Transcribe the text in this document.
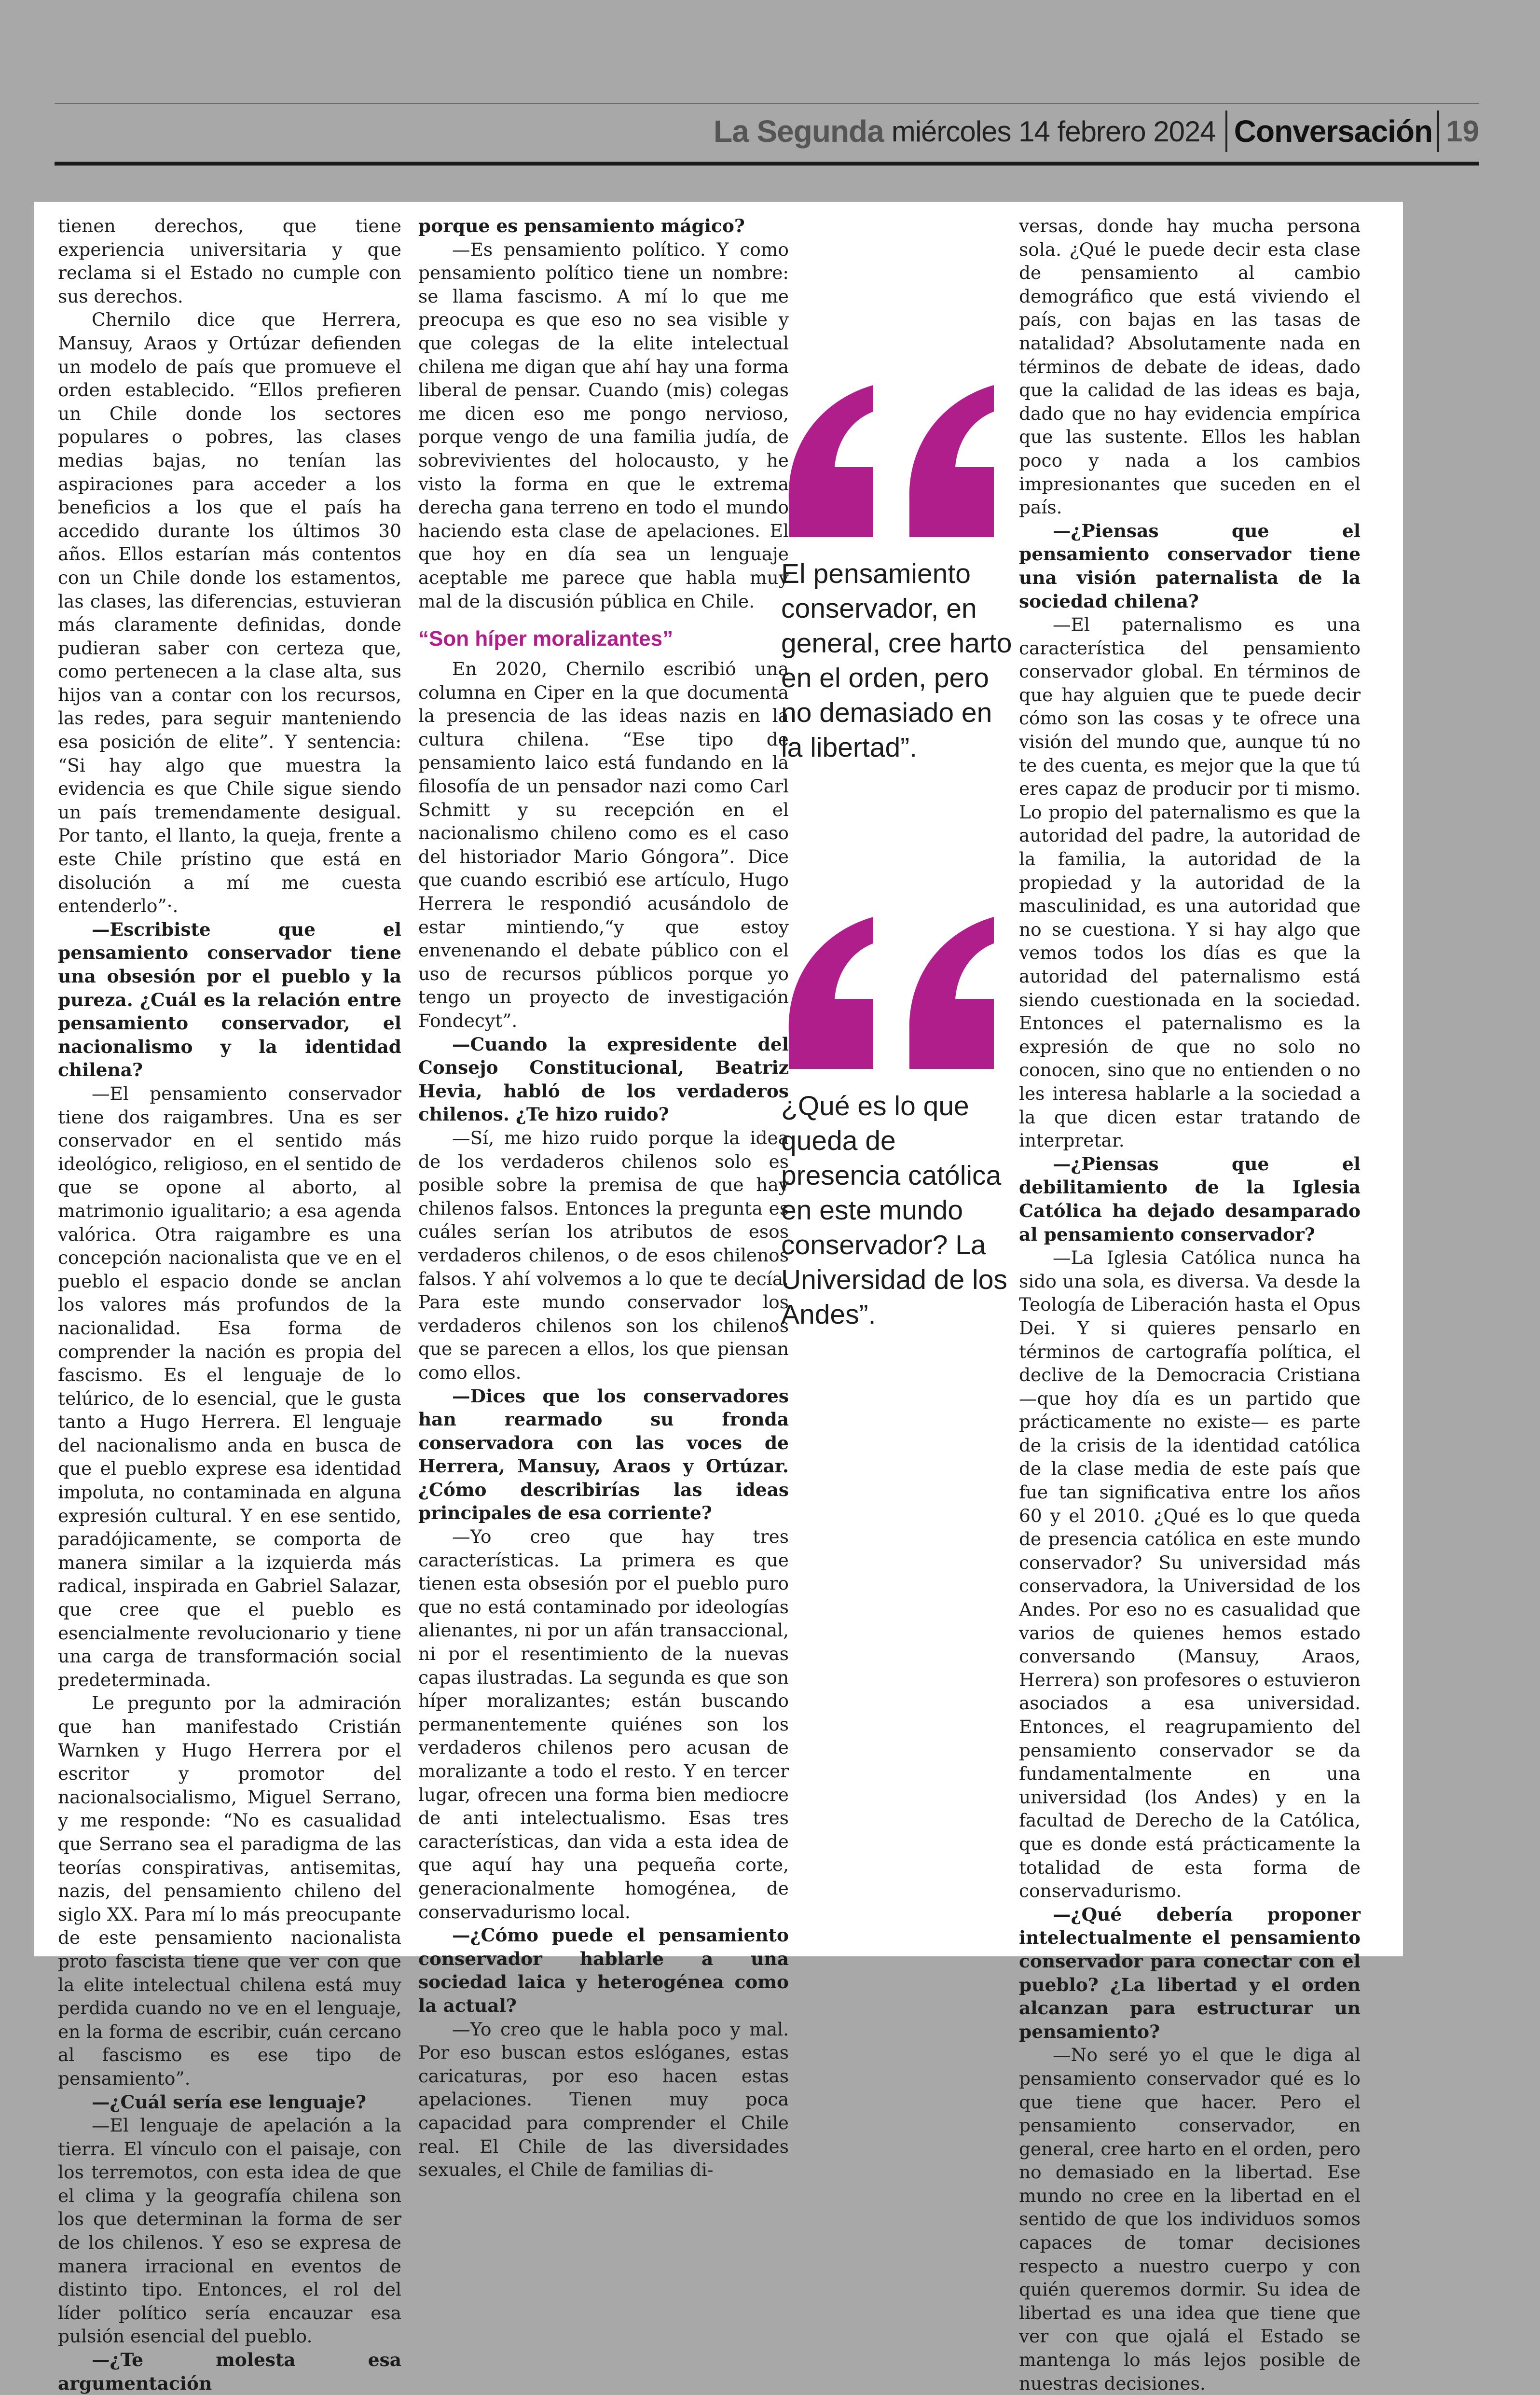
La Segunda miércoles 14 febrero 2024 Conversación 19

tienen derechos, que tiene experiencia universitaria y que reclama si el Estado no cumple con sus derechos.

Chernilo dice que Herrera, Mansuy, Araos y Ortúzar defienden un modelo de país que promueve el orden establecido. “Ellos prefieren un Chile donde los sectores populares o pobres, las clases medias bajas, no tenían las aspiraciones para acceder a los beneficios a los que el país ha accedido durante los últimos 30 años. Ellos estarían más contentos con un Chile donde los estamentos, las clases, las diferencias, estuvieran más claramente definidas, donde pudieran saber con certeza que, como pertenecen a la clase alta, sus hijos van a contar con los recursos, las redes, para seguir manteniendo esa posición de elite”. Y sentencia: “Si hay algo que muestra la evidencia es que Chile sigue siendo un país tremendamente desigual. Por tanto, el llanto, la queja, frente a este Chile prístino que está en disolución a mí me cuesta entenderlo”·.

—Escribiste que el pensamiento conservador tiene una obsesión por el pueblo y la pureza. ¿Cuál es la relación entre pensamiento conservador, el nacionalismo y la identidad chilena?

—El pensamiento conservador tiene dos raigambres. Una es ser conservador en el sentido más ideológico, religioso, en el sentido de que se opone al aborto, al matrimonio igualitario; a esa agenda valórica. Otra raigambre es una concepción nacionalista que ve en el pueblo el espacio donde se anclan los valores más profundos de la nacionalidad. Esa forma de comprender la nación es propia del fascismo. Es el lenguaje de lo telúrico, de lo esencial, que le gusta tanto a Hugo Herrera. El lenguaje del nacionalismo anda en busca de que el pueblo exprese esa identidad impoluta, no contaminada en alguna expresión cultural. Y en ese sentido, paradójicamente, se comporta de manera similar a la izquierda más radical, inspirada en Gabriel Salazar, que cree que el pueblo es esencialmente revolucionario y tiene una carga de transformación social predeterminada.

Le pregunto por la admiración que han manifestado Cristián Warnken y Hugo Herrera por el escritor y promotor del nacionalsocialismo, Miguel Serrano, y me responde: “No es casualidad que Serrano sea el paradigma de las teorías conspirativas, antisemitas, nazis, del pensamiento chileno del siglo XX. Para mí lo más preocupante de este pensamiento nacionalista proto fascista tiene que ver con que la elite intelectual chilena está muy perdida cuando no ve en el lenguaje, en la forma de escribir, cuán cercano al fascismo es ese tipo de pensamiento”.

—¿Cuál sería ese lenguaje?

—El lenguaje de apelación a la tierra. El vínculo con el paisaje, con los terremotos, con esta idea de que el clima y la geografía chilena son los que determinan la forma de ser de los chilenos. Y eso se expresa de manera irracional en eventos de distinto tipo. Entonces, el rol del líder político sería encauzar esa pulsión esencial del pueblo.

—¿Te molesta esa argumentación

porque es pensamiento mágico?

—Es pensamiento político. Y como pensamiento político tiene un nombre: se llama fascismo. A mí lo que me preocupa es que eso no sea visible y que colegas de la elite intelectual chilena me digan que ahí hay una forma liberal de pensar. Cuando (mis) colegas me dicen eso me pongo nervioso, porque vengo de una familia judía, de sobrevivientes del holocausto, y he visto la forma en que le extrema derecha gana terreno en todo el mundo haciendo esta clase de apelaciones. El que hoy en día sea un lenguaje aceptable me parece que habla muy mal de la discusión pública en Chile.

“Son híper moralizantes”

En 2020, Chernilo escribió una columna en Ciper en la que documenta la presencia de las ideas nazis en la cultura chilena. “Ese tipo de pensamiento laico está fundando en la filosofía de un pensador nazi como Carl Schmitt y su recepción en el nacionalismo chileno como es el caso del historiador Mario Góngora”. Dice que cuando escribió ese artículo, Hugo Herrera le respondió acusándolo de estar mintiendo,“y que estoy envenenando el debate público con el uso de recursos públicos porque yo tengo un proyecto de investigación Fondecyt”.

—Cuando la expresidente del Consejo Constitucional, Beatriz Hevia, habló de los verdaderos chilenos. ¿Te hizo ruido?

—Sí, me hizo ruido porque la idea de los verdaderos chilenos solo es posible sobre la premisa de que hay chilenos falsos. Entonces la pregunta es cuáles serían los atributos de esos verdaderos chilenos, o de esos chilenos falsos. Y ahí volvemos a lo que te decía. Para este mundo conservador los verdaderos chilenos son los chilenos que se parecen a ellos, los que piensan como ellos.

—Dices que los conservadores han rearmado su fronda conservadora con las voces de Herrera, Mansuy, Araos y Ortúzar. ¿Cómo describirías las ideas principales de esa corriente?

—Yo creo que hay tres características. La primera es que tienen esta obsesión por el pueblo puro que no está contaminado por ideologías alienantes, ni por un afán transaccional, ni por el resentimiento de la nuevas capas ilustradas. La segunda es que son híper moralizantes; están buscando permanentemente quiénes son los verdaderos chilenos pero acusan de moralizante a todo el resto. Y en tercer lugar, ofrecen una forma bien mediocre de anti intelectualismo. Esas tres características, dan vida a esta idea de que aquí hay una pequeña corte, generacionalmente homogénea, de conservadurismo local.

—¿Cómo puede el pensamiento conservador hablarle a una sociedad laica y heterogénea como la actual?

—Yo creo que le habla poco y mal. Por eso buscan estos eslóganes, estas caricaturas, por eso hacen estas apelaciones. Tienen muy poca capacidad para comprender el Chile real. El Chile de las diversidades sexuales, el Chile de familias di-

El pensamiento conservador, en general, cree harto en el orden, pero no demasiado en la libertad”.
¿Qué es lo que queda de presencia católica en este mundo conservador? La Universidad de los Andes”.

versas, donde hay mucha persona sola. ¿Qué le puede decir esta clase de pensamiento al cambio demográfico que está viviendo el país, con bajas en las tasas de natalidad? Absolutamente nada en términos de debate de ideas, dado que la calidad de las ideas es baja, dado que no hay evidencia empírica que las sustente. Ellos les hablan poco y nada a los cambios impresionantes que suceden en el país.

—¿Piensas que el pensamiento conservador tiene una visión paternalista de la sociedad chilena?

—El paternalismo es una característica del pensamiento conservador global. En términos de que hay alguien que te puede decir cómo son las cosas y te ofrece una visión del mundo que, aunque tú no te des cuenta, es mejor que la que tú eres capaz de producir por ti mismo. Lo propio del paternalismo es que la autoridad del padre, la autoridad de la familia, la autoridad de la propiedad y la autoridad de la masculinidad, es una autoridad que no se cuestiona. Y si hay algo que vemos todos los días es que la autoridad del paternalismo está siendo cuestionada en la sociedad. Entonces el paternalismo es la expresión de que no solo no conocen, sino que no entienden o no les interesa hablarle a la sociedad a la que dicen estar tratando de interpretar.

—¿Piensas que el debilitamiento de la Iglesia Católica ha dejado desamparado al pensamiento conservador?

—La Iglesia Católica nunca ha sido una sola, es diversa. Va desde la Teología de Liberación hasta el Opus Dei. Y si quieres pensarlo en términos de cartografía política, el declive de la Democracia Cristiana —que hoy día es un partido que prácticamente no existe— es parte de la crisis de la identidad católica de la clase media de este país que fue tan significativa entre los años 60 y el 2010. ¿Qué es lo que queda de presencia católica en este mundo conservador? Su universidad más conservadora, la Universidad de los Andes. Por eso no es casualidad que varios de quienes hemos estado conversando (Mansuy, Araos, Herrera) son profesores o estuvieron asociados a esa universidad. Entonces, el reagrupamiento del pensamiento conservador se da fundamentalmente en una universidad (los Andes) y en la facultad de Derecho de la Católica, que es donde está prácticamente la totalidad de esta forma de conservadurismo.

—¿Qué debería proponer intelectualmente el pensamiento conservador para conectar con el pueblo? ¿La libertad y el orden alcanzan para estructurar un pensamiento?

—No seré yo el que le diga al pensamiento conservador qué es lo que tiene que hacer. Pero el pensamiento conservador, en general, cree harto en el orden, pero no demasiado en la libertad. Ese mundo no cree en la libertad en el sentido de que los individuos somos capaces de tomar decisiones respecto a nuestro cuerpo y con quién queremos dormir. Su idea de libertad es una idea que tiene que ver con que ojalá el Estado se mantenga lo más lejos posible de nuestras decisiones.
